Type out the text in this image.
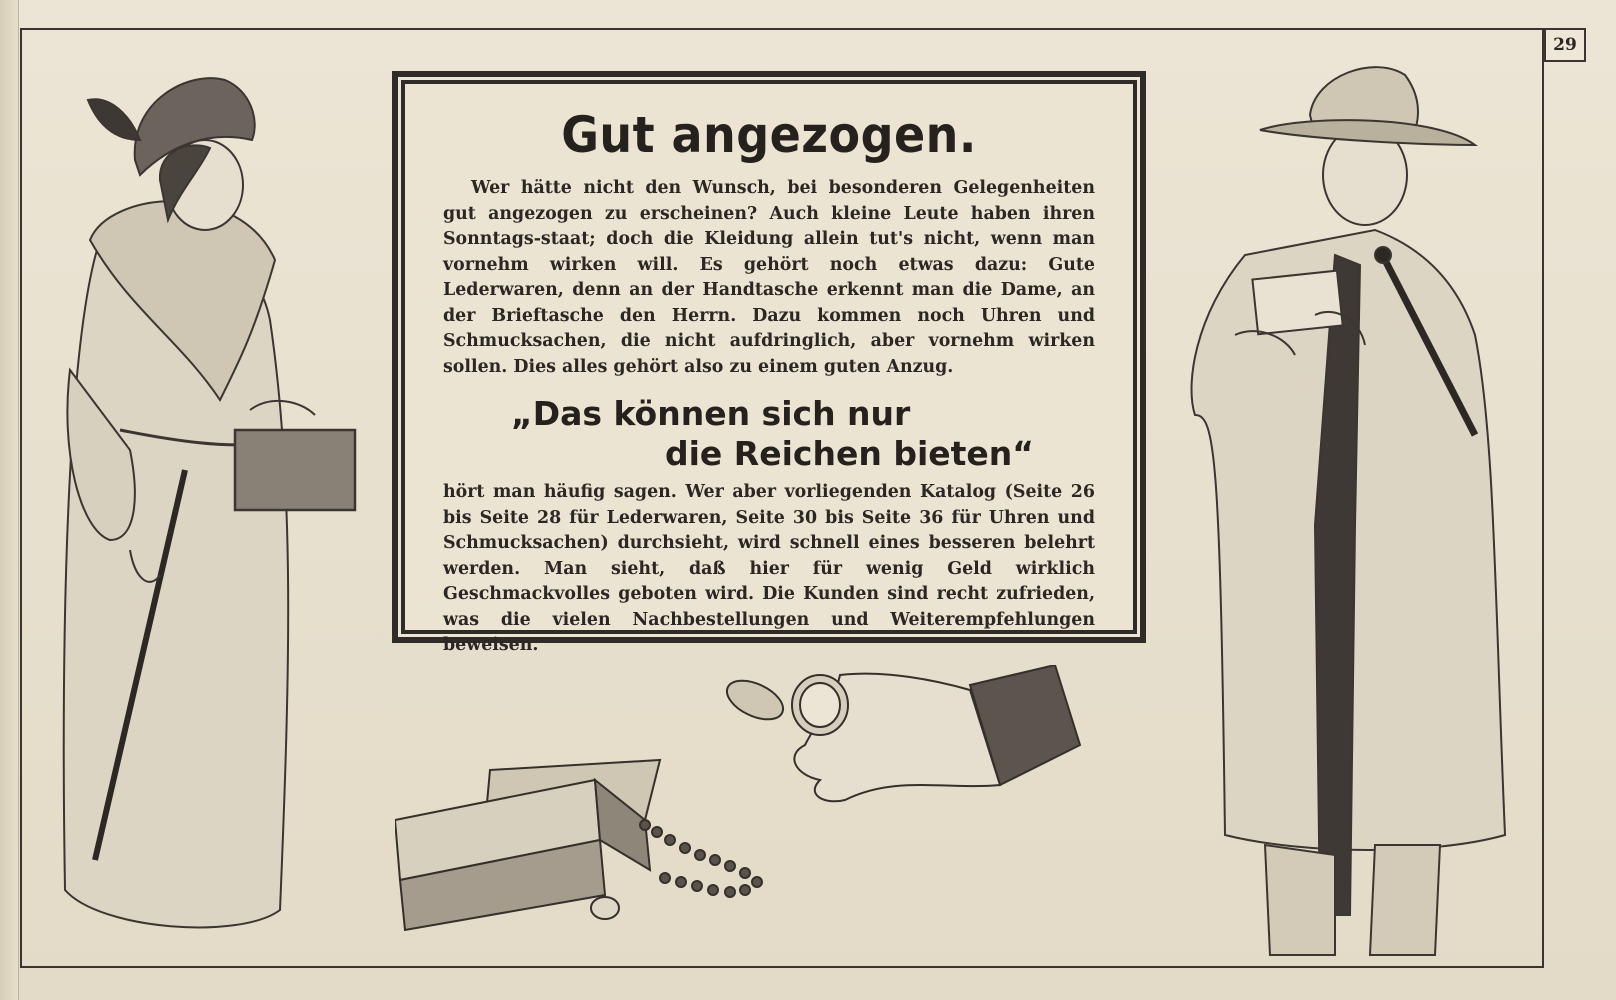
29
Gut angezogen.

Wer hätte nicht den Wunsch, bei besonderen Gelegenheiten gut angezogen zu erscheinen? Auch kleine Leute haben ihren Sonntags-staat; doch die Kleidung allein tut's nicht, wenn man vornehm wirken will. Es gehört noch etwas dazu: Gute Lederwaren, denn an der Handtasche erkennt man die Dame, an der Brieftasche den Herrn. Dazu kommen noch Uhren und Schmucksachen, die nicht aufdringlich, aber vornehm wirken sollen. Dies alles gehört also zu einem guten Anzug.

„Das können sich nur
die Reichen bieten“

hört man häufig sagen. Wer aber vorliegenden Katalog (Seite 26 bis Seite 28 für Lederwaren, Seite 30 bis Seite 36 für Uhren und Schmucksachen) durchsieht, wird schnell eines besseren belehrt werden. Man sieht, daß hier für wenig Geld wirklich Geschmackvolles geboten wird. Die Kunden sind recht zufrieden, was die vielen Nachbestellungen und Weiterempfehlungen beweisen.
